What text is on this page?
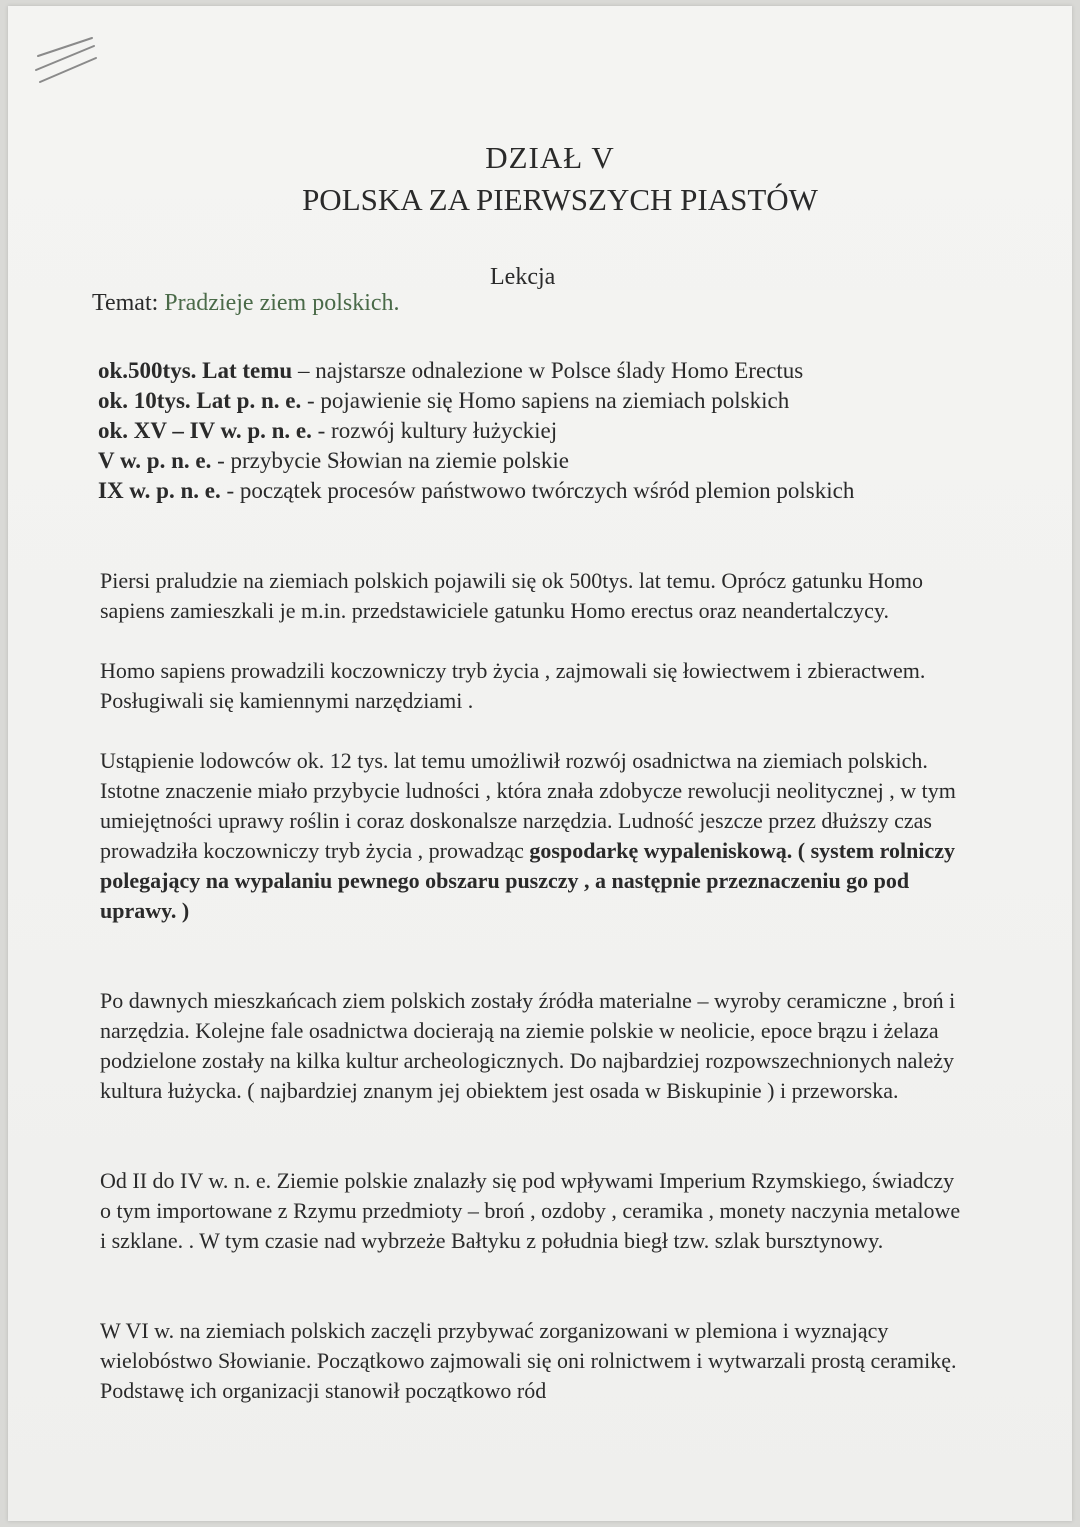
DZIAŁ V
POLSKA ZA PIERWSZYCH PIASTÓW
Lekcja
Temat: Pradzieje ziem polskich.

ok.500tys. Lat temu – najstarsze odnalezione w Polsce ślady Homo Erectus

ok. 10tys. Lat p. n. e. - pojawienie się Homo sapiens na ziemiach polskich

ok. XV – IV w. p. n. e. - rozwój kultury łużyckiej

V w. p. n. e. - przybycie Słowian na ziemie polskie

IX w. p. n. e. - początek procesów państwowo twórczych wśród plemion polskich

Piersi praludzie na ziemiach polskich pojawili się ok 500tys. lat temu. Oprócz gatunku Homo sapiens zamieszkali je m.in. przedstawiciele gatunku Homo erectus oraz neandertalczycy.

Homo sapiens prowadzili koczowniczy tryb życia , zajmowali się łowiectwem i zbieractwem. Posługiwali się kamiennymi narzędziami .

Ustąpienie lodowców ok. 12 tys. lat temu umożliwił rozwój osadnictwa na ziemiach polskich. Istotne znaczenie miało przybycie ludności , która znała zdobycze rewolucji neolitycznej , w tym umiejętności uprawy roślin i coraz doskonalsze narzędzia. Ludność jeszcze przez dłuższy czas prowadziła koczowniczy tryb życia , prowadząc gospodarkę wypaleniskową. ( system rolniczy polegający na wypalaniu pewnego obszaru puszczy , a następnie przeznaczeniu go pod uprawy. )

Po dawnych mieszkańcach ziem polskich zostały źródła materialne – wyroby ceramiczne , broń i narzędzia. Kolejne fale osadnictwa docierają na ziemie polskie w neolicie, epoce brązu i żelaza podzielone zostały na kilka kultur archeologicznych. Do najbardziej rozpowszechnionych należy kultura łużycka. ( najbardziej znanym jej obiektem jest osada w Biskupinie ) i przeworska.

Od II do IV w. n. e. Ziemie polskie znalazły się pod wpływami Imperium Rzymskiego, świadczy o tym importowane z Rzymu przedmioty – broń , ozdoby , ceramika , monety naczynia metalowe i szklane. . W tym czasie nad wybrzeże Bałtyku z południa biegł tzw. szlak bursztynowy.

W VI w. na ziemiach polskich zaczęli przybywać zorganizowani w plemiona i wyznający wielobóstwo Słowianie. Początkowo zajmowali się oni rolnictwem i wytwarzali prostą ceramikę. Podstawę ich organizacji stanowił początkowo ród
